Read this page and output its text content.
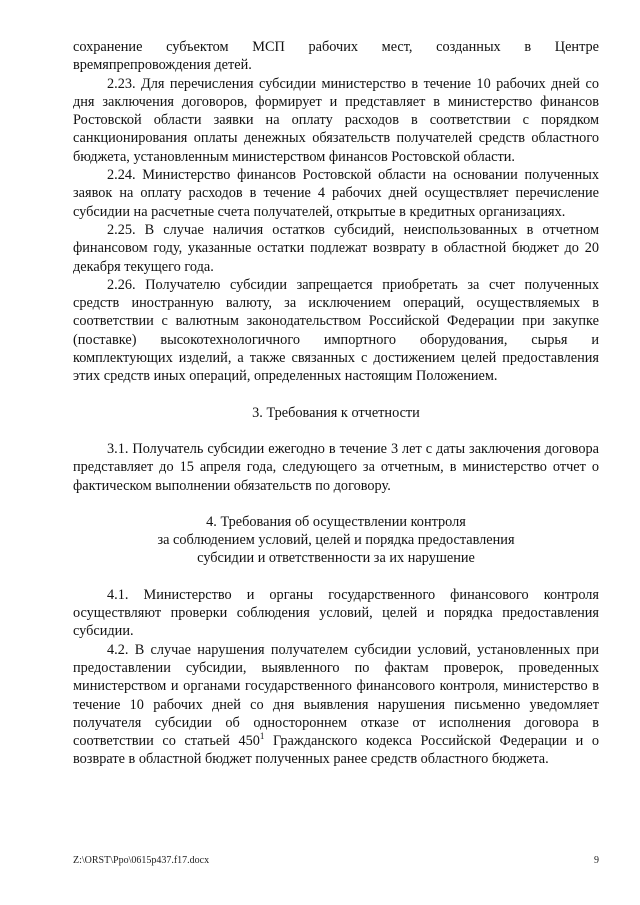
сохранение субъектом МСП рабочих мест, созданных в Центре времяпрепровождения детей.

2.23. Для перечисления субсидии министерство в течение 10 рабочих дней со дня заключения договоров, формирует и представляет в министерство финансов Ростовской области заявки на оплату расходов в соответствии с порядком санкционирования оплаты денежных обязательств получателей средств областного бюджета, установленным министерством финансов Ростовской области.

2.24. Министерство финансов Ростовской области на основании полученных заявок на оплату расходов в течение 4 рабочих дней осуществляет перечисление субсидии на расчетные счета получателей, открытые в кредитных организациях.

2.25. В случае наличия остатков субсидий, неиспользованных в отчетном финансовом году, указанные остатки подлежат возврату в областной бюджет до 20 декабря текущего года.

2.26. Получателю субсидии запрещается приобретать за счет полученных средств иностранную валюту, за исключением операций, осуществляемых в соответствии с валютным законодательством Российской Федерации при закупке (поставке) высокотехнологичного импортного оборудования, сырья и комплектующих изделий, а также связанных с достижением целей предоставления этих средств иных операций, определенных настоящим Положением.

3. Требования к отчетности

3.1. Получатель субсидии ежегодно в течение 3 лет с даты заключения договора представляет до 15 апреля года, следующего за отчетным, в министерство отчет о фактическом выполнении обязательств по договору.

4. Требования об осуществлении контроля

за соблюдением условий, целей и порядка предоставления

субсидии и ответственности за их нарушение

4.1. Министерство и органы государственного финансового контроля осуществляют проверки соблюдения условий, целей и порядка предоставления субсидии.

4.2. В случае нарушения получателем субсидии условий, установленных при предоставлении субсидии, выявленного по фактам проверок, проведенных министерством и органами государственного финансового контроля, министерство в течение 10 рабочих дней со дня выявления нарушения письменно уведомляет получателя субсидии об одностороннем отказе от исполнения договора в соответствии со статьей $450^1$ Гражданского кодекса Российской Федерации и о возврате в областной бюджет полученных ранее средств областного бюджета.

Z:\ORST\Ppo\0615p437.f17.docx	9
